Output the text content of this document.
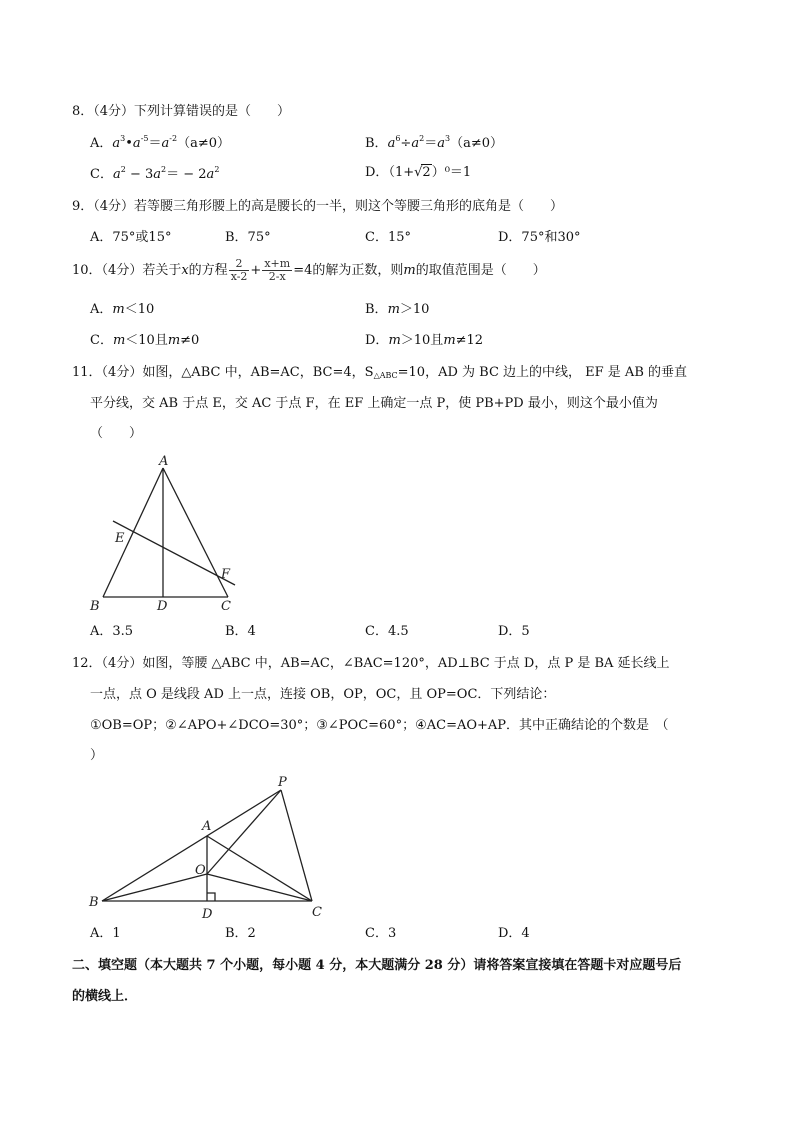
8．（4分）下列计算错误的是（　　）
A．$a^3•a^{-5}=a^{-2}(a\ne 0)$	B．$a^6\div a^2=a^3(a\ne 0)$
C．$a^2 - 3a^2= - 2a^2$	D．（1+√2）⁰＝1
9．（4分）若等腰三角形腰上的高是腰长的一半，则这个等腰三角形的底角是（　　）
A．75°或15°	B．75°	C．15°	D．75°和30°
10．（4分）若关于x的方程 $\frac{2}{x-2} + \frac{x+m}{2-x} =4$的解为正数，则m的取值范围是（　　）
A．m＜10	B．m＞10
C．m＜10且m≠0	D．m＞10且m≠12
11．（4分）如图，△ABC 中，AB=AC，BC=4，$S_{\triangle ABC}=10$，AD 为 BC 边上的中线， EF 是 AB 的垂直
平分线，交 AB 于点 E，交 AC 于点 F，在 EF 上确定一点 P，使 PB+PD 最小，则这个最小值为
（　　）
A
B	C
D
E
F
A．3.5	B．4	C．4.5	D．5
12．（4分）如图，等腰 △ABC 中，AB=AC，∠BAC=120°，AD⊥BC 于点 D，点 P 是 BA 延长线上
一点，点 O 是线段 AD 上一点，连接 OB，OP，OC，且 OP=OC．下列结论：
①OB=OP；②∠APO+∠DCO=30°；③∠POC=60°；④AC=AO+AP．其中正确结论的个数是　（
）
A
B
C
D
O
P
A．1	B．2	C．3	D．4
二、填空题（本大题共 7 个小题，每小题 4 分，本大题满分 28 分）请将答案宣接填在答题卡对应题号后
的横线上．
